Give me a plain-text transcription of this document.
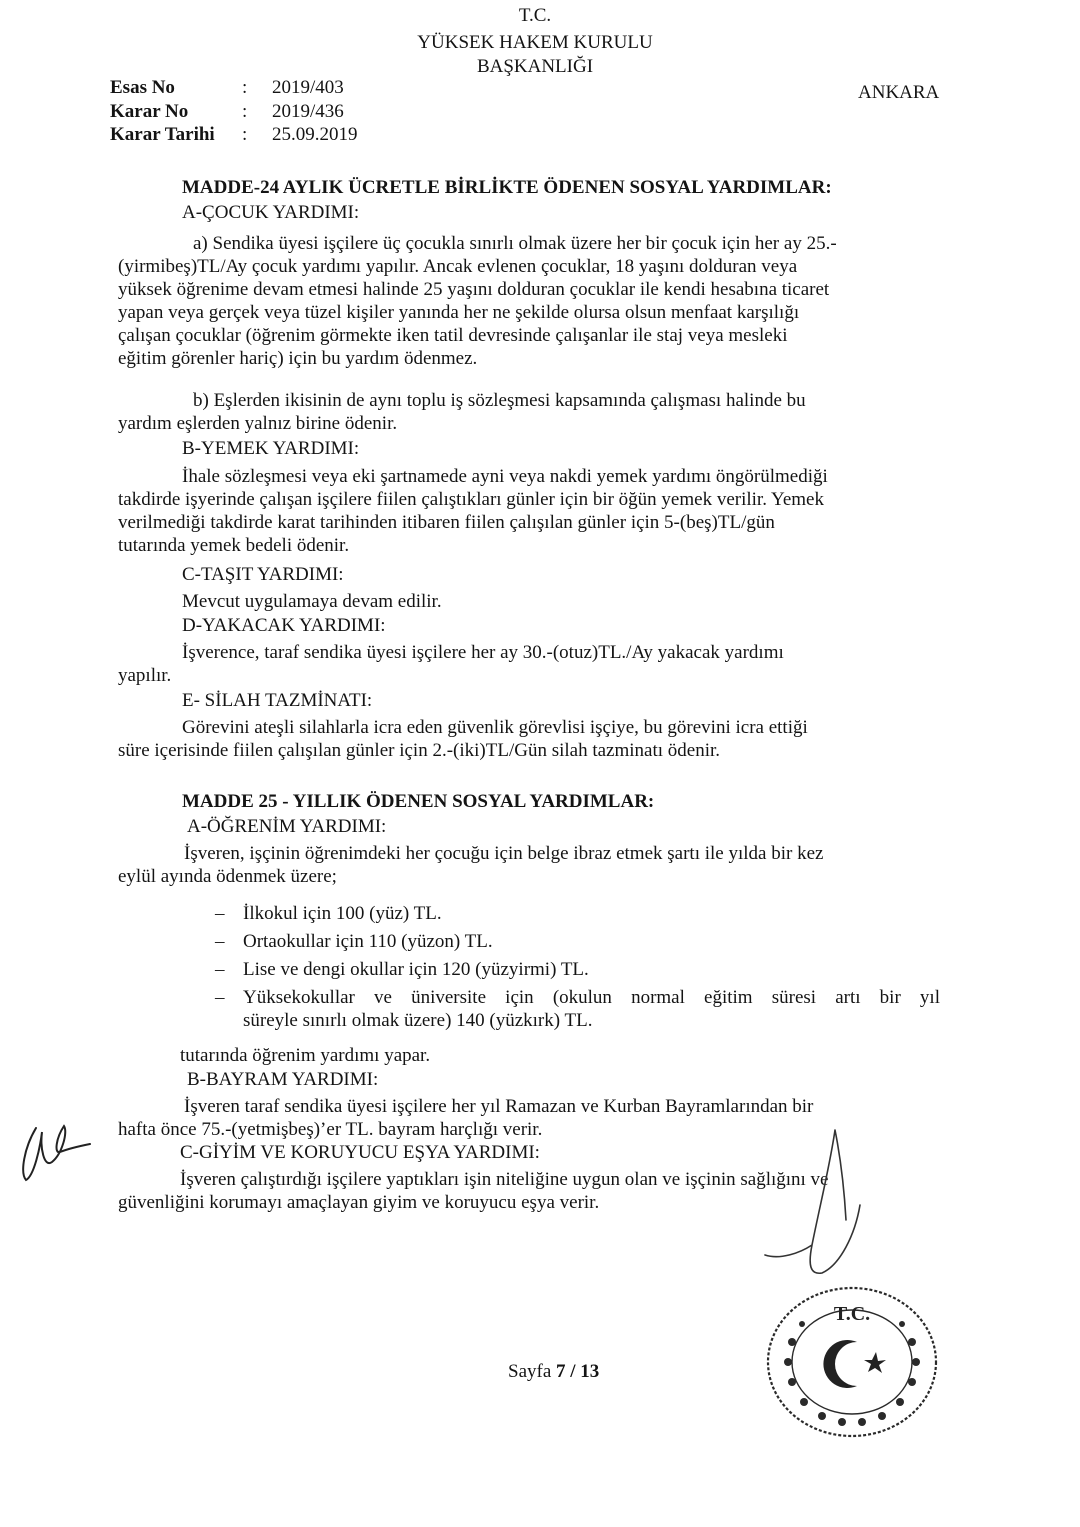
T.C.
YÜKSEK HAKEM KURULU
BAŞKANLIĞI
ANKARA
Esas No	: 2019/403
Karar No	: 2019/436
Karar Tarihi : 25.09.2019
MADDE-24 AYLIK ÜCRETLE BİRLİKTE ÖDENEN SOSYAL YARDIMLAR:
A-ÇOCUK YARDIMI:
a) Sendika üyesi işçilere üç çocukla sınırlı olmak üzere her bir çocuk için her ay 25.-
(yirmibeş)TL/Ay çocuk yardımı yapılır. Ancak evlenen çocuklar, 18 yaşını dolduran veya
yüksek öğrenime devam etmesi halinde 25 yaşını dolduran çocuklar ile kendi hesabına ticaret
yapan veya gerçek veya tüzel kişiler yanında her ne şekilde olursa olsun menfaat karşılığı
çalışan çocuklar (öğrenim görmekte iken tatil devresinde çalışanlar ile staj veya mesleki
eğitim görenler hariç) için bu yardım ödenmez.
b) Eşlerden ikisinin de aynı toplu iş sözleşmesi kapsamında çalışması halinde bu
yardım eşlerden yalnız birine ödenir.
B-YEMEK YARDIMI:
İhale sözleşmesi veya eki şartnamede ayni veya nakdi yemek yardımı öngörülmediği
takdirde işyerinde çalışan işçilere fiilen çalıştıkları günler için bir öğün yemek verilir. Yemek
verilmediği takdirde karat tarihinden itibaren fiilen çalışılan günler için 5-(beş)TL/gün
tutarında yemek bedeli ödenir.
C-TAŞIT YARDIMI:
Mevcut uygulamaya devam edilir.
D-YAKACAK YARDIMI:
İşverence, taraf sendika üyesi işçilere her ay 30.-(otuz)TL./Ay yakacak yardımı
yapılır.
E- SİLAH TAZMİNATI:
Görevini ateşli silahlarla icra eden güvenlik görevlisi işçiye, bu görevini icra ettiği
süre içerisinde fiilen çalışılan günler için 2.-(iki)TL/Gün silah tazminatı ödenir.
MADDE 25 - YILLIK ÖDENEN SOSYAL YARDIMLAR:
A-ÖĞRENİM YARDIMI:
İşveren, işçinin öğrenimdeki her çocuğu için belge ibraz etmek şartı ile yılda bir kez
eylül ayında ödenmek üzere;
– İlkokul için 100 (yüz) TL.
– Ortaokullar için 110 (yüzon) TL.
– Lise ve dengi okullar için 120 (yüzyirmi) TL.
– Yüksekokullar ve üniversite için (okulun normal eğitim süresi artı bir yıl
süreyle sınırlı olmak üzere) 140 (yüzkırk) TL.
tutarında öğrenim yardımı yapar.
B-BAYRAM YARDIMI:
İşveren taraf sendika üyesi işçilere her yıl Ramazan ve Kurban Bayramlarından bir
hafta önce 75.-(yetmişbeş)’er TL. bayram harçlığı verir.
C-GİYİM VE KORUYUCU EŞYA YARDIMI:
İşveren çalıştırdığı işçilere yaptıkları işin niteliğine uygun olan ve işçinin sağlığını ve
güvenliğini korumayı amaçlayan giyim ve koruyucu eşya verir.
T.C.
Sayfa 7 / 13
